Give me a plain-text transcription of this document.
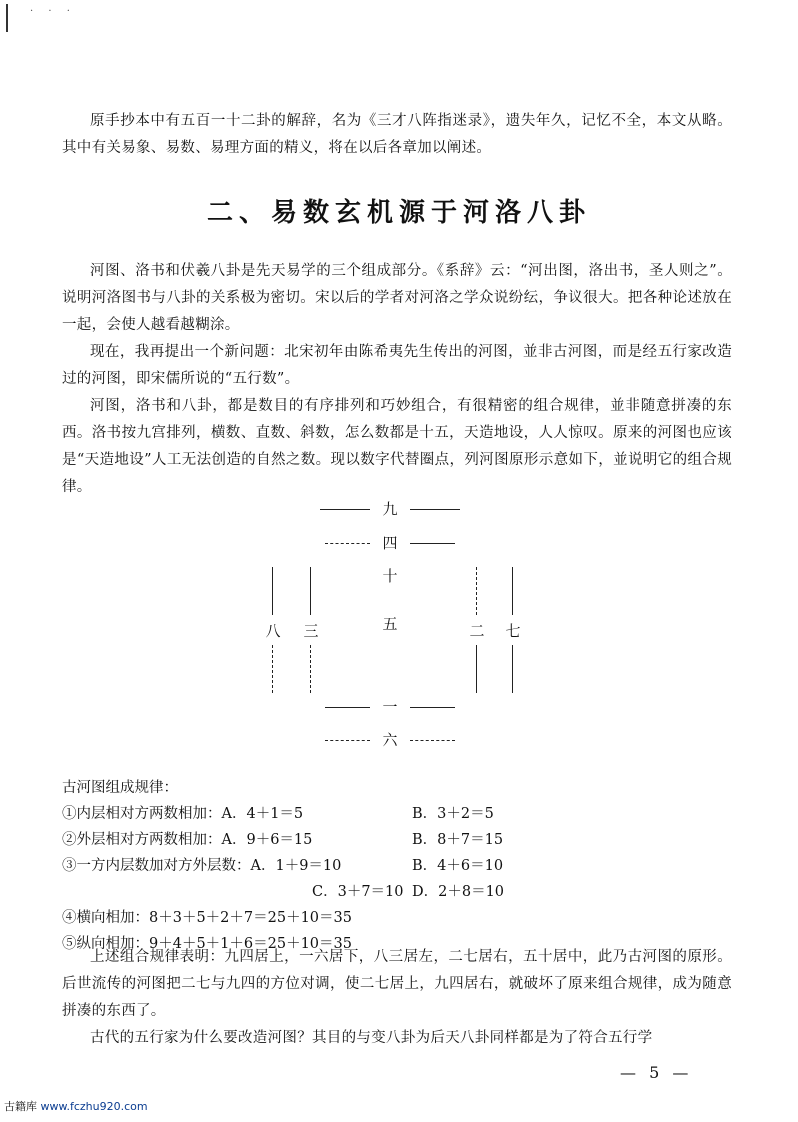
· · ·

原手抄本中有五百一十二卦的解辞，名为《三才八阵指迷录》，遗失年久，记忆不全，本文从略。其中有关易象、易数、易理方面的精义，将在以后各章加以阐述。

二、易数玄机源于河洛八卦

河图、洛书和伏羲八卦是先天易学的三个组成部分。《系辞》云：“河出图，洛出书，圣人则之”。说明河洛图书与八卦的关系极为密切。宋以后的学者对河洛之学众说纷纭，争议很大。把各种论述放在一起，会使人越看越糊涂。

现在，我再提出一个新问题：北宋初年由陈希夷先生传出的河图，並非古河图，而是经五行家改造过的河图，即宋儒所说的“五行数”。

河图，洛书和八卦，都是数目的有序排列和巧妙组合，有很精密的组合规律，並非随意拼凑的东西。洛书按九宫排列，横数、直数、斜数，怎么数都是十五，天造地设，人人惊叹。原来的河图也应该是“天造地设”人工无法创造的自然之数。现以数字代替圈点，列河图原形示意如下，並说明它的组合规律。

九
四
十
五
八 三	二 七
一
六
古河图组成规律：
①内层相对方两数相加：A．4＋1＝5	B．3＋2＝5
②外层相对方两数相加：A．9＋6＝15	B．8＋7＝15
③一方内层数加对方外层数：A．1＋9＝10	B．4＋6＝10
C．3＋7＝10 D．2＋8＝10
④横向相加：8＋3＋5＋2＋7＝25＋10＝35
⑤纵向相加：9＋4＋5＋1＋6＝25＋10＝35

上述组合规律表明：九四居上，一六居下，八三居左，二七居右，五十居中，此乃古河图的原形。后世流传的河图把二七与九四的方位对调，使二七居上，九四居右，就破坏了原来组合规律，成为随意拼凑的东西了。

古代的五行家为什么要改造河图？其目的与变八卦为后天八卦同样都是为了符合五行学

— 5 —
古籍库 www.fczhu920.com
